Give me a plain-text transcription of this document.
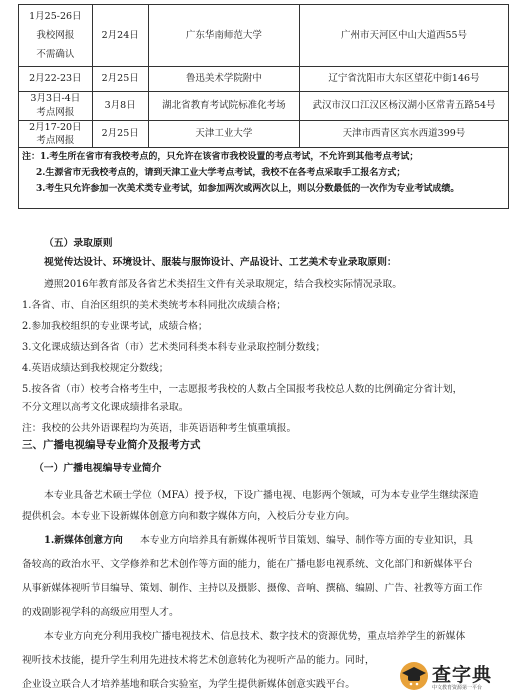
1月25-26日
我校网报
不需确认	2月24日	广东华南师范大学	广州市天河区中山大道西55号
2月22-23日	2月25日	鲁迅美术学院附中	辽宁省沈阳市大东区望花中街146号
3月3日-4日
考点网报	3月8日	湖北省教育考试院标准化考场	武汉市汉口江汉区杨汉湖小区常青五路54号
2月17-20日
考点网报	2月25日	天津工业大学	天津市西青区宾水西道399号

注：1.考生所在省市有我校考点的，只允许在该省市我校设置的考点考试，不允许到其他考点考试；
2.生源省市无我校考点的，请到天津工业大学考点考试，我校不在各考点采取手工报名方式；
3.考生只允许参加一次美术类专业考试，如参加两次或两次以上，则以分数最低的一次作为专业考试成绩。			
（五）录取原则
视觉传达设计、环境设计、服装与服饰设计、产品设计、工艺美术专业录取原则：
遵照2016年教育部及各省艺术类招生文件有关录取规定，结合我校实际情况录取。
1.各省、市、自治区组织的美术类统考本科同批次成绩合格；
2.参加我校组织的专业课考试，成绩合格；
3.文化课成绩达到各省（市）艺术类同科类本科专业录取控制分数线；
4.英语成绩达到我校规定分数线；
5.按各省（市）校考合格考生中，一志愿报考我校的人数占全国报考我校总人数的比例确定分省计划，
不分文理以高考文化课成绩排名录取。
注：我校的公共外语课程均为英语，非英语语种考生慎重填报。
三、广播电视编导专业简介及报考方式
（一）广播电视编导专业简介
本专业具备艺术硕士学位（MFA）授予权，下设广播电视、电影两个领域，可为本专业学生继续深造
提供机会。本专业下设新媒体创意方向和数字媒体方向，入校后分专业方向。
1.新媒体创意方向 本专业方向培养具有新媒体视听节目策划、编导、制作等方面的专业知识，具
备较高的政治水平、文学修养和艺术创作等方面的能力，能在广播电影电视系统、文化部门和新媒体平台
从事新媒体视听节目编导、策划、制作、主持以及摄影、摄像、音响、撰稿、编剧、广告、社教等方面工作
的戏剧影视学科的高级应用型人才。
本专业方向充分利用我校广播电视技术、信息技术、数字技术的资源优势，重点培养学生的新媒体
视听技术技能，提升学生利用先进技术将艺术创意转化为视听产品的能力。同时，
企业设立联合人才培养基地和联合实验室，为学生提供新媒体创意实践平台。	查字典
中文教育资源第一平台
